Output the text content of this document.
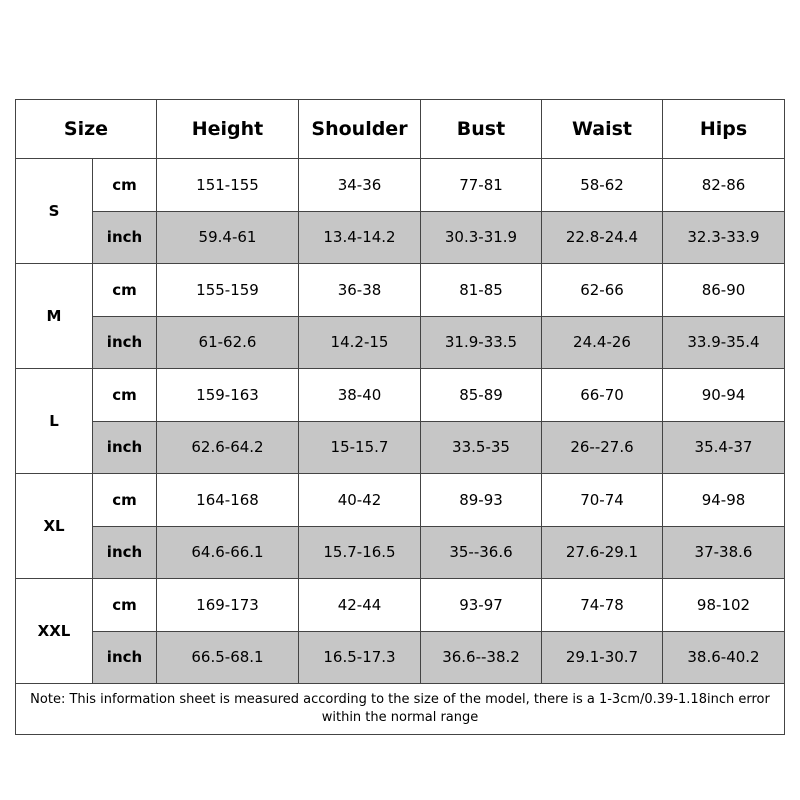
Size		Height	Shoulder	Bust	Waist	Hips
S	cm	151-155	34-36	77-81	58-62	82-86
	inch	59.4-61	13.4-14.2	30.3-31.9	22.8-24.4	32.3-33.9
M	cm	155-159	36-38	81-85	62-66	86-90
	inch	61-62.6	14.2-15	31.9-33.5	24.4-26	33.9-35.4
L	cm	159-163	38-40	85-89	66-70	90-94
	inch	62.6-64.2	15-15.7	33.5-35	26--27.6	35.4-37
XL	cm	164-168	40-42	89-93	70-74	94-98
	inch	64.6-66.1	15.7-16.5	35--36.6	27.6-29.1	37-38.6
XXL	cm	169-173	42-44	93-97	74-78	98-102
	inch	66.5-68.1	16.5-17.3	36.6--38.2	29.1-30.7	38.6-40.2
Note: This information sheet is measured according to the size of the model, there is a 1-3cm/0.39-1.18inch error within the normal range						
